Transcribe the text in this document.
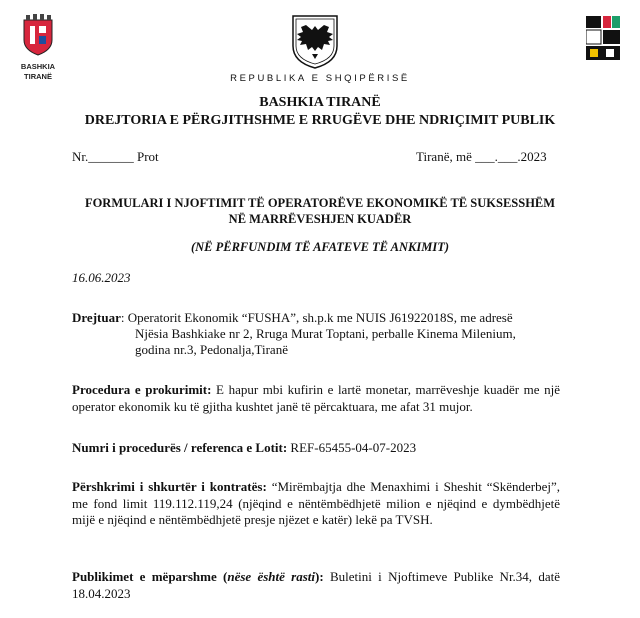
BASHKIA
TIRANË	REPUBLIKA E SHQIPËRISË
BASHKIA TIRANË
DREJTORIA E PËRGJITHSHME E RRUGËVE DHE NDRIÇIMIT PUBLIK
Nr._______ Prot	Tiranë, më ___.___.2023
FORMULARI I NJOFTIMIT TË OPERATORËVE EKONOMIKË TË SUKSESSHËM
NË MARRËVESHJEN KUADËR
(NË PËRFUNDIM TË AFATEVE TË ANKIMIT)
16.06.2023
Drejtuar: Operatorit Ekonomik “FUSHA”, sh.p.k me NUIS J61922018S, me adresë
Njësia Bashkiake nr 2, Rruga Murat Toptani, perballe Kinema Milenium,
godina nr.3, Pedonalja,Tiranë
Procedura e prokurimit: E hapur mbi kufirin e lartë monetar, marrëveshje kuadër me një operator ekonomik ku të gjitha kushtet janë të përcaktuara, me afat 31 mujor.
Numri i procedurës / referenca e Lotit: REF-65455-04-07-2023
Përshkrimi i shkurtër i kontratës: “Mirëmbajtja dhe Menaxhimi i Sheshit “Skënderbej”, me fond limit 119.112.119,24 (njëqind e nëntëmbëdhjetë milion e njëqind e dymbëdhjetë mijë e njëqind e nëntëmbëdhjetë presje njëzet e katër) lekë pa TVSH.
Publikimet e mëparshme (nëse është rasti): Buletini i Njoftimeve Publike Nr.34, datë 18.04.2023
